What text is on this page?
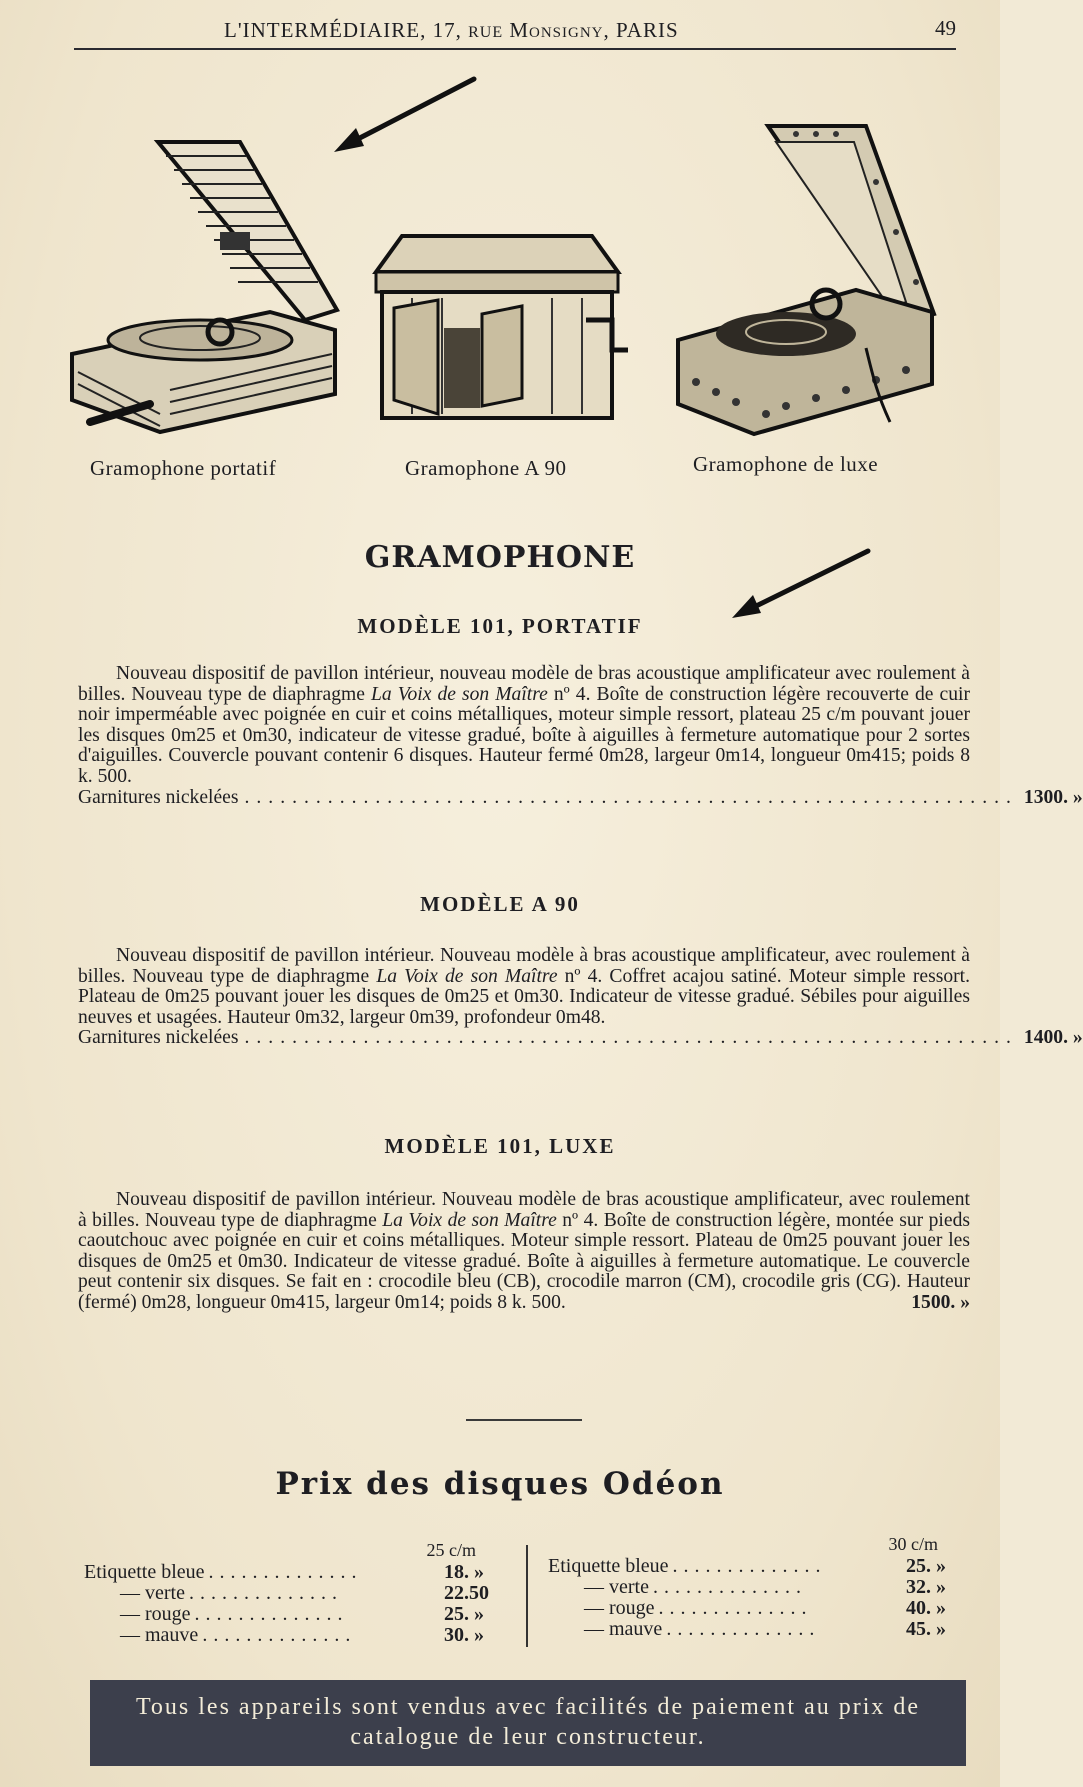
L'INTERMÉDIAIRE, 17, RUE Monsigny, PARIS	49
Gramophone portatif	Gramophone A 90	Gramophone de luxe
GRAMOPHONE
MODÈLE 101, PORTATIF
Nouveau dispositif de pavillon intérieur, nouveau modèle de bras acoustique amplificateur avec roulement à billes. Nouveau type de diaphragme La Voix de son Maître nº 4. Boîte de construction légère recouverte de cuir noir imperméable avec poignée en cuir et coins métalliques, moteur simple ressort, plateau 25 c/m pouvant jouer les disques 0m25 et 0m30, indicateur de vitesse gradué, boîte à aiguilles à fermeture automatique pour 2 sortes d'aiguilles. Couvercle pouvant contenir 6 disques. Hauteur fermé 0m28, largeur 0m14, longueur 0m415; poids 8 k. 500.
Garnitures nickelées ................................................................. 1300. »
MODÈLE A 90
Nouveau dispositif de pavillon intérieur. Nouveau modèle à bras acoustique amplificateur, avec roulement à billes. Nouveau type de diaphragme La Voix de son Maître nº 4. Coffret acajou satiné. Moteur simple ressort. Plateau de 0m25 pouvant jouer les disques de 0m25 et 0m30. Indicateur de vitesse gradué. Sébiles pour aiguilles neuves et usagées. Hauteur 0m32, largeur 0m39, profondeur 0m48.
Garnitures nickelées ................................................................. 1400. »
MODÈLE 101, LUXE
Nouveau dispositif de pavillon intérieur. Nouveau modèle de bras acoustique amplificateur, avec roulement à billes. Nouveau type de diaphragme La Voix de son Maître nº 4. Boîte de construction légère, montée sur pieds caoutchouc avec poignée en cuir et coins métalliques. Moteur simple ressort. Plateau de 0m25 pouvant jouer les disques de 0m25 et 0m30. Indicateur de vitesse gradué. Boîte à aiguilles à fermeture automatique. Le couvercle peut contenir six disques. Se fait en : crocodile bleu (CB), crocodile marron (CM), crocodile gris (CG). Hauteur (fermé) 0m28, longueur 0m415, largeur 0m14; poids 8 k. 500.	1500. »
Prix des disques Odéon
25 c/m
Etiquette bleue ..............	18. »
— verte ..............	22.50
— rouge ..............	25. »
— mauve ..............	30. »
30 c/m
Etiquette bleue ..............	25. »
— verte ..............	32. »
— rouge ..............	40. »
— mauve ..............	45. »
Tous les appareils sont vendus avec facilités de paiement au prix de catalogue de leur constructeur.
